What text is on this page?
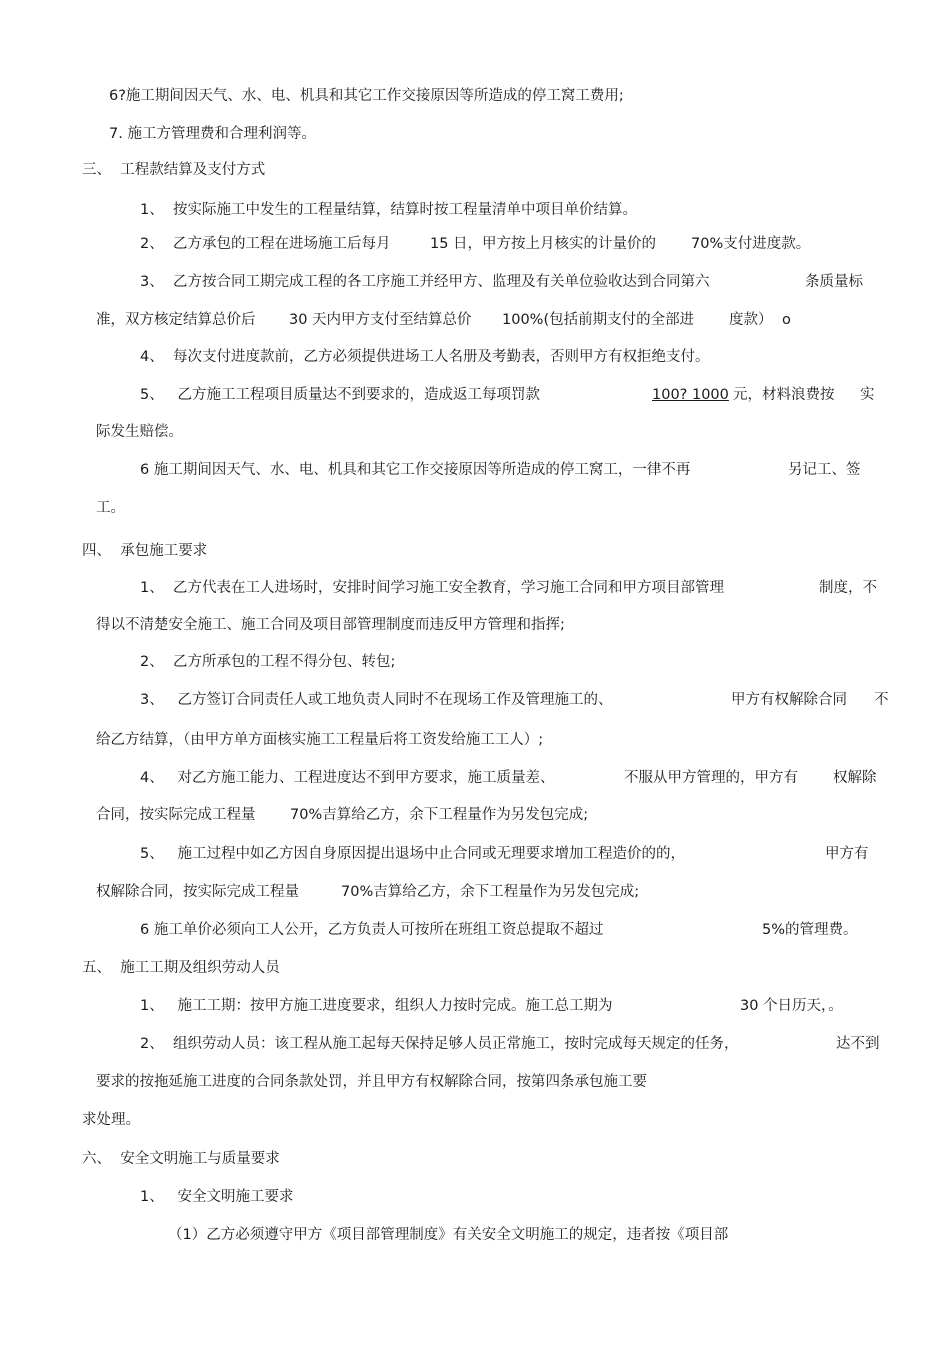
6?施工期间因天气、水、电、机具和其它工作交接原因等所造成的停工窝工费用;
7. 施工方管理费和合理利润等。
三、  工程款结算及支付方式
1、  按实际施工中发生的工程量结算，结算时按工程量清单中项目单价结算。
2、  乙方承包的工程在进场施工后每月	15 日，甲方按上月核实的计量价的 70%支付进度款。
3、  乙方按合同工期完成工程的各工序施工并经甲方、监理及有关单位验收达到合同第六	条质量标
准，双方核定结算总价后 30 天内甲方支付至结算总价 100%(包括前期支付的全部进 度款） o
4、  每次支付进度款前，乙方必须提供进场工人名册及考勤表，否则甲方有权拒绝支付。
5、   乙方施工工程项目质量达不到要求的，造成返工每项罚款	100? 1000 元，材料浪费按 实
际发生赔偿。
6 施工期间因天气、水、电、机具和其它工作交接原因等所造成的停工窝工，一律不再	另记工、签
工。
四、  承包施工要求
1、  乙方代表在工人进场时，安排时间学习施工安全教育，学习施工合同和甲方项目部管理	制度，不
得以不清楚安全施工、施工合同及项目部管理制度而违反甲方管理和指挥;
2、  乙方所承包的工程不得分包、转包;
3、   乙方签订合同责任人或工地负责人同时不在现场工作及管理施工的、	甲方有权解除合同 不
给乙方结算，（由甲方单方面核实施工工程量后将工资发给施工工人）;
4、   对乙方施工能力、工程进度达不到甲方要求，施工质量差、	不服从甲方管理的，甲方有 权解除
合同，按实际完成工程量 70%吉算给乙方，余下工程量作为另发包完成;
5、   施工过程中如乙方因自身原因提出退场中止合同或无理要求增加工程造价的的，	甲方有
权解除合同，按实际完成工程量	70%吉算给乙方，余下工程量作为另发包完成;
6 施工单价必须向工人公开，乙方负责人可按所在班组工资总提取不超过	5%的管理费。
五、  施工工期及组织劳动人员
1、   施工工期：按甲方施工进度要求，组织人力按时完成。施工总工期为	30 个日历天，。
2、  组织劳动人员：该工程从施工起每天保持足够人员正常施工，按时完成每天规定的任务，	达不到
要求的按拖延施工进度的合同条款处罚，并且甲方有权解除合同，按第四条承包施工要
求处理。
六、  安全文明施工与质量要求
1、   安全文明施工要求
（1）乙方必须遵守甲方《项目部管理制度》有关安全文明施工的规定，违者按《项目部
